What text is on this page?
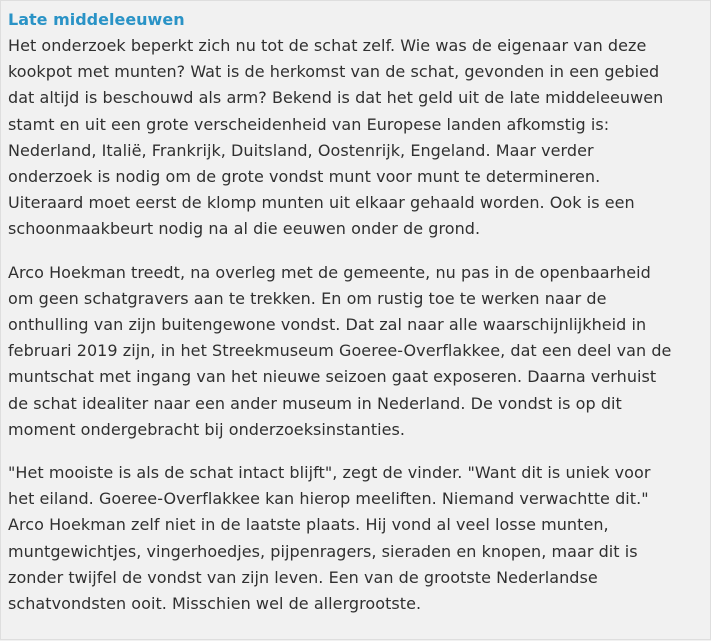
Late middeleeuwen

Het onderzoek beperkt zich nu tot de schat zelf. Wie was de eigenaar van deze
kookpot met munten? Wat is de herkomst van de schat, gevonden in een gebied
dat altijd is beschouwd als arm? Bekend is dat het geld uit de late middeleeuwen
stamt en uit een grote verscheidenheid van Europese landen afkomstig is:
Nederland, Italië, Frankrijk, Duitsland, Oostenrijk, Engeland. Maar verder
onderzoek is nodig om de grote vondst munt voor munt te determineren.
Uiteraard moet eerst de klomp munten uit elkaar gehaald worden. Ook is een
schoonmaakbeurt nodig na al die eeuwen onder de grond.

Arco Hoekman treedt, na overleg met de gemeente, nu pas in de openbaarheid
om geen schatgravers aan te trekken. En om rustig toe te werken naar de
onthulling van zijn buitengewone vondst. Dat zal naar alle waarschijnlijkheid in
februari 2019 zijn, in het Streekmuseum Goeree-Overflakkee, dat een deel van de
muntschat met ingang van het nieuwe seizoen gaat exposeren. Daarna verhuist
de schat idealiter naar een ander museum in Nederland. De vondst is op dit
moment ondergebracht bij onderzoeksinstanties.

"Het mooiste is als de schat intact blijft", zegt de vinder. "Want dit is uniek voor
het eiland. Goeree-Overflakkee kan hierop meeliften. Niemand verwachtte dit."
Arco Hoekman zelf niet in de laatste plaats. Hij vond al veel losse munten,
muntgewichtjes, vingerhoedjes, pijpenragers, sieraden en knopen, maar dit is
zonder twijfel de vondst van zijn leven. Een van de grootste Nederlandse
schatvondsten ooit. Misschien wel de allergrootste.
